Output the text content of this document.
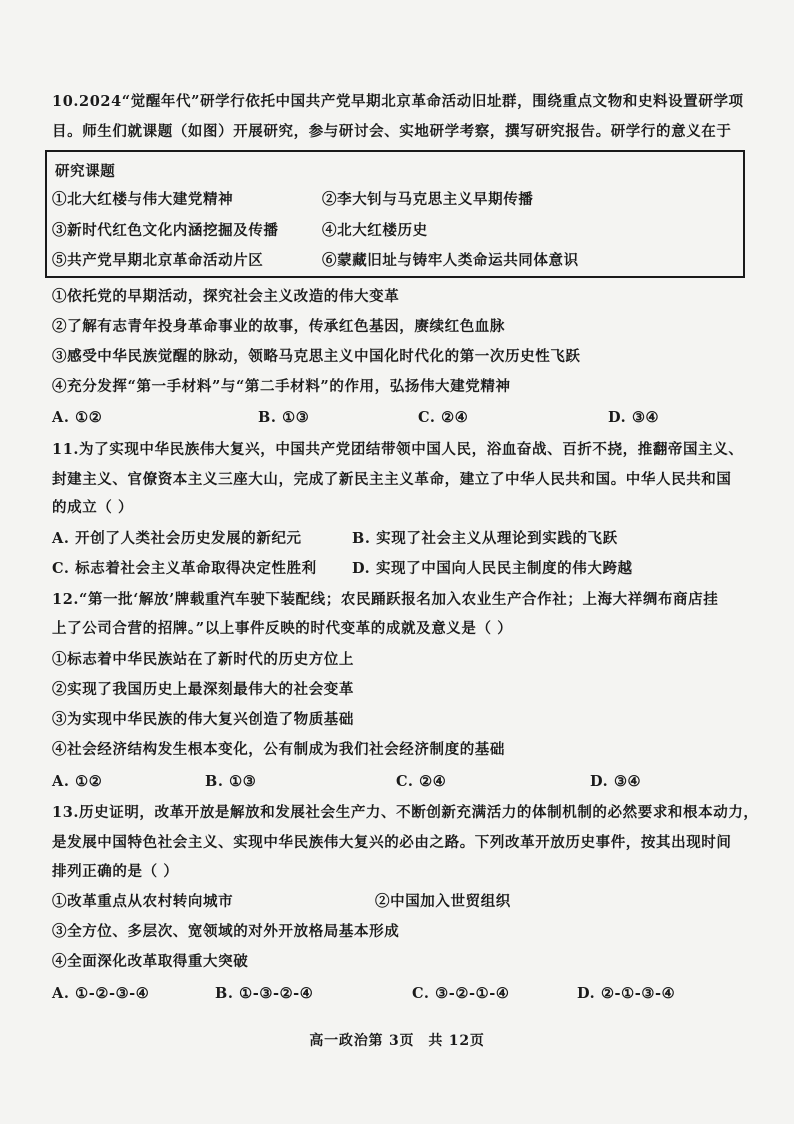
10.2024“觉醒年代”研学行依托中国共产党早期北京革命活动旧址群，围绕重点文物和史料设置研学项
目。师生们就课题（如图）开展研究，参与研讨会、实地研学考察，撰写研究报告。研学行的意义在于
研究课题
①北大红楼与伟大建党精神	②李大钊与马克思主义早期传播
③新时代红色文化内涵挖掘及传播	④北大红楼历史
⑤共产党早期北京革命活动片区	⑥蒙藏旧址与铸牢人类命运共同体意识
①依托党的早期活动，探究社会主义改造的伟大变革
②了解有志青年投身革命事业的故事，传承红色基因，赓续红色血脉
③感受中华民族觉醒的脉动，领略马克思主义中国化时代化的第一次历史性飞跃
④充分发挥“第一手材料”与“第二手材料”的作用，弘扬伟大建党精神
A. ①②	B. ①③	C. ②④	D. ③④
11.为了实现中华民族伟大复兴，中国共产党团结带领中国人民，浴血奋战、百折不挠，推翻帝国主义、
封建主义、官僚资本主义三座大山，完成了新民主主义革命，建立了中华人民共和国。中华人民共和国
的成立（ ）
A. 开创了人类社会历史发展的新纪元	B. 实现了社会主义从理论到实践的飞跃
C. 标志着社会主义革命取得决定性胜利 D. 实现了中国向人民民主制度的伟大跨越
12.“第一批‘解放’牌载重汽车驶下装配线；农民踊跃报名加入农业生产合作社；上海大祥绸布商店挂
上了公司合营的招牌。”以上事件反映的时代变革的成就及意义是（ ）
①标志着中华民族站在了新时代的历史方位上
②实现了我国历史上最深刻最伟大的社会变革
③为实现中华民族的伟大复兴创造了物质基础
④社会经济结构发生根本变化，公有制成为我们社会经济制度的基础
A. ①②	B. ①③	C. ②④	D. ③④
13.历史证明，改革开放是解放和发展社会生产力、不断创新充满活力的体制机制的必然要求和根本动力，
是发展中国特色社会主义、实现中华民族伟大复兴的必由之路。下列改革开放历史事件，按其出现时间
排列正确的是（ ）
①改革重点从农村转向城市	②中国加入世贸组织
③全方位、多层次、宽领域的对外开放格局基本形成
④全面深化改革取得重大突破
A. ①-②-③-④	B. ①-③-②-④	C. ③-②-①-④	D. ②-①-③-④
高一政治第 3页 共 12页
